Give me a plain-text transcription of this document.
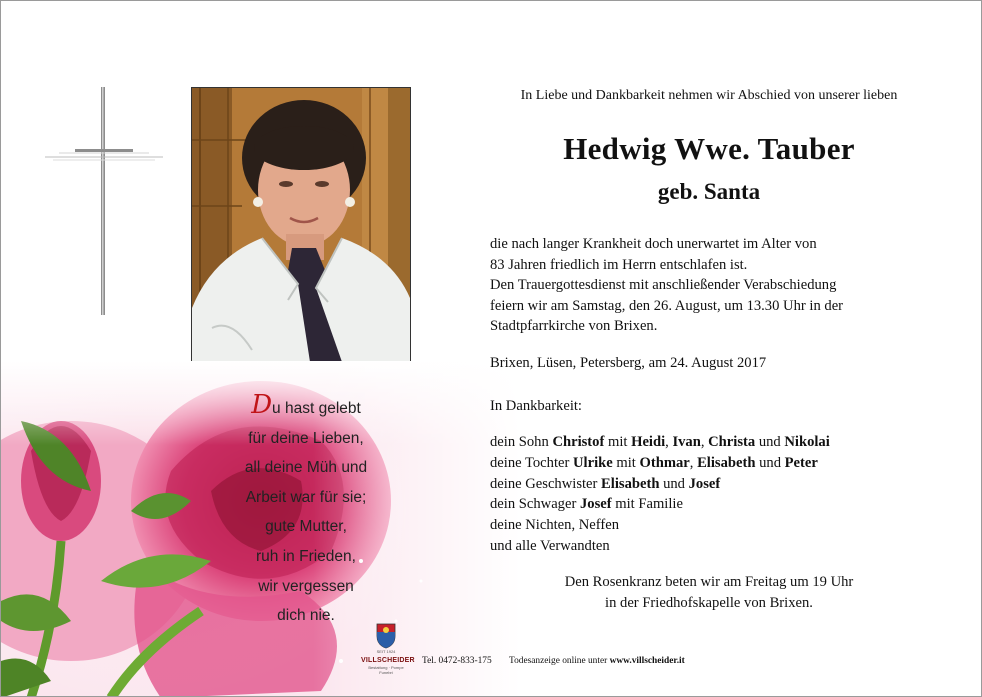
Du hast gelebt
für deine Lieben,
all deine Müh und
Arbeit war für sie;
gute Mutter,
ruh in Frieden,
wir vergessen
dich nie.
In Liebe und Dankbarkeit nehmen wir Abschied von unserer lieben
Hedwig Wwe. Tauber
geb. Santa
die nach langer Krankheit doch unerwartet im Alter von
83 Jahren friedlich im Herrn entschlafen ist.
Den Trauergottesdienst mit anschließender Verabschiedung
feiern wir am Samstag, den 26. August, um 13.30 Uhr in der
Stadtpfarrkirche von Brixen.
Brixen, Lüsen, Petersberg, am 24. August 2017
In Dankbarkeit:
dein Sohn Christof mit Heidi, Ivan, Christa und Nikolai
deine Tochter Ulrike mit Othmar, Elisabeth und Peter
deine Geschwister Elisabeth und Josef
dein Schwager Josef mit Familie
deine Nichten, Neffen
und alle Verwandten
Den Rosenkranz beten wir am Freitag um 19 Uhr
in der Friedhofskapelle von Brixen.
SEIT 1924
VILLSCHEIDER
Bestattung · Pompe Funebri
Tel. 0472-833-175 Todesanzeige online unter www.villscheider.it
